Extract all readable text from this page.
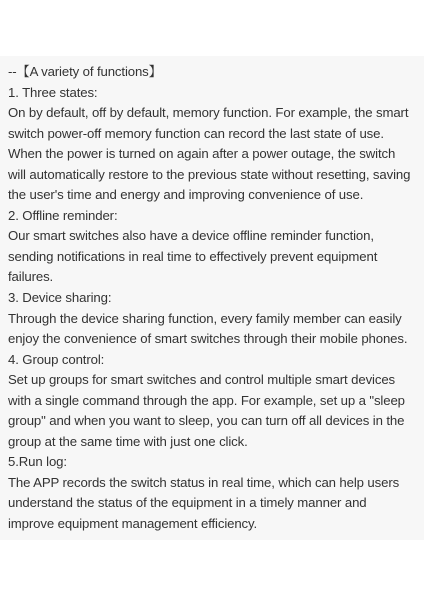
--【A variety of functions】
1. Three states:
On by default, off by default, memory function. For example, the smart
switch power-off memory function can record the last state of use.
When the power is turned on again after a power outage, the switch
will automatically restore to the previous state without resetting, saving
the user's time and energy and improving convenience of use.
2. Offline reminder:
Our smart switches also have a device offline reminder function,
sending notifications in real time to effectively prevent equipment
failures.
3. Device sharing:
Through the device sharing function, every family member can easily
enjoy the convenience of smart switches through their mobile phones.
4. Group control:
Set up groups for smart switches and control multiple smart devices
with a single command through the app. For example, set up a "sleep
group" and when you want to sleep, you can turn off all devices in the
group at the same time with just one click.
5.Run log:
The APP records the switch status in real time, which can help users
understand the status of the equipment in a timely manner and
improve equipment management efficiency.
